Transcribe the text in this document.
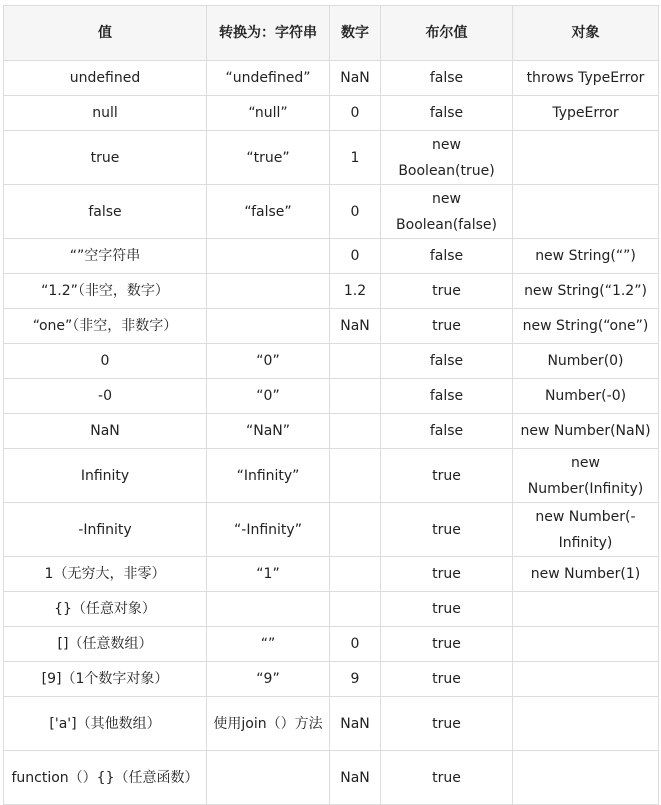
值	转换为：字符串	数字	布尔值	对象
undefined	“undefined”	NaN	false	throws TypeError
null	“null”	0	false	TypeError
true	“true”	1	new Boolean(true)	
false	“false”	0	new Boolean(false)	
“”空字符串		0	false	new String(“”)
“1.2”（非空，数字）		1.2	true	new String(“1.2”)
“one”（非空，非数字）		NaN	true	new String(“one”)
0	“0”		false	Number(0)
-0	“0”		false	Number(-0)
NaN	“NaN”		false	new Number(NaN)
Infinity	“Infinity”		true	new Number(Infinity)
-Infinity	“-Infinity”		true	new Number(-Infinity)
1（无穷大，非零）	“1”		true	new Number(1)
{}（任意对象）			true	
[]（任意数组）	“”	0	true	
[9]（1个数字对象）	“9”	9	true	
['a']（其他数组）	使用join（）方法	NaN	true	
function（）{}（任意函数）		NaN	true	
